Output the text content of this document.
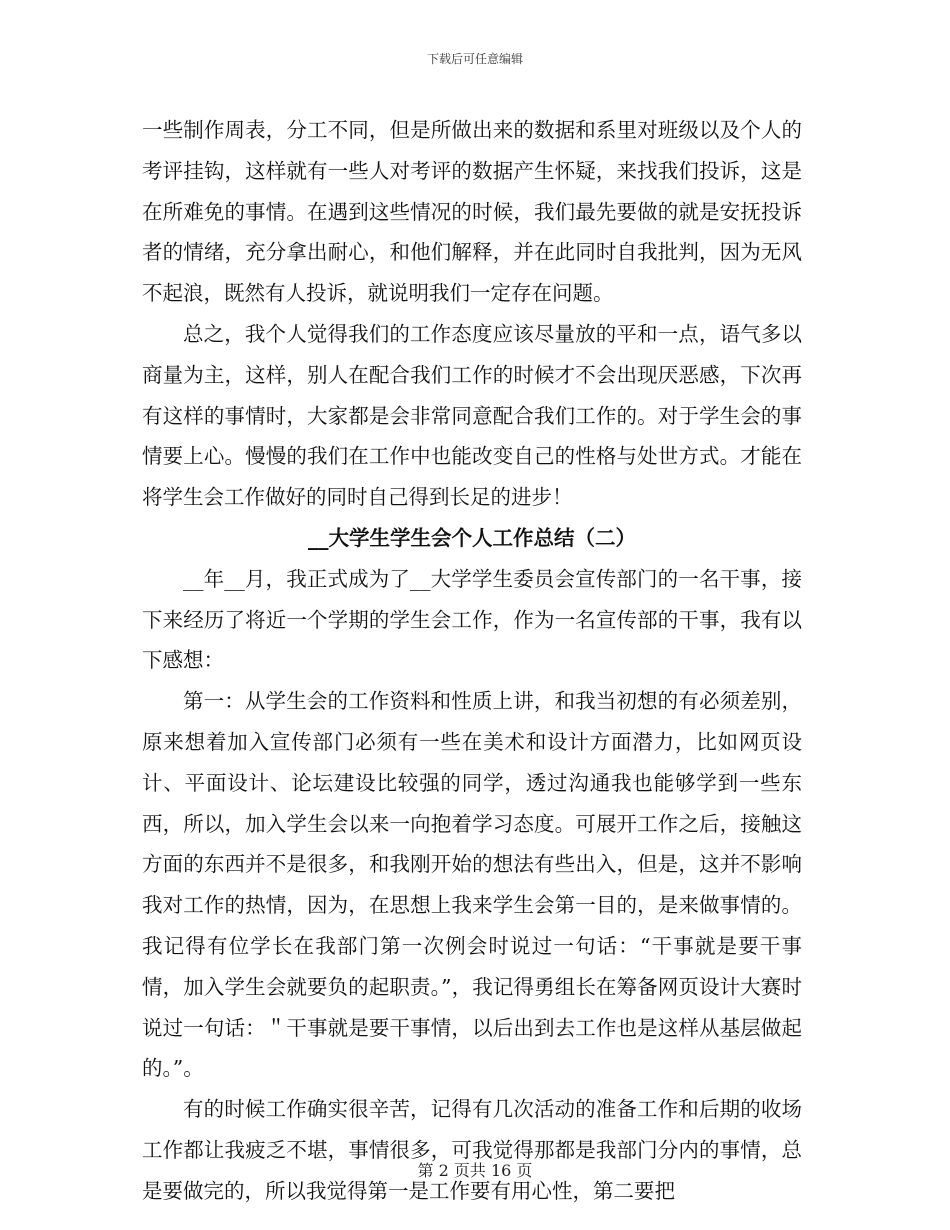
下载后可任意编辑

一些制作周表，分工不同，但是所做出来的数据和系里对班级以及个人的考评挂钩，这样就有一些人对考评的数据产生怀疑，来找我们投诉，这是在所难免的事情。在遇到这些情况的时候，我们最先要做的就是安抚投诉者的情绪，充分拿出耐心，和他们解释，并在此同时自我批判，因为无风不起浪，既然有人投诉，就说明我们一定存在问题。

总之，我个人觉得我们的工作态度应该尽量放的平和一点，语气多以商量为主，这样，别人在配合我们工作的时候才不会出现厌恶感，下次再有这样的事情时，大家都是会非常同意配合我们工作的。对于学生会的事情要上心。慢慢的我们在工作中也能改变自己的性格与处世方式。才能在将学生会工作做好的同时自己得到长足的进步！

__大学生学生会个人工作总结（二）

__年__月，我正式成为了__大学学生委员会宣传部门的一名干事，接下来经历了将近一个学期的学生会工作，作为一名宣传部的干事，我有以下感想：

第一：从学生会的工作资料和性质上讲，和我当初想的有必须差别，原来想着加入宣传部门必须有一些在美术和设计方面潜力，比如网页设计、平面设计、论坛建设比较强的同学，透过沟通我也能够学到一些东西，所以，加入学生会以来一向抱着学习态度。可展开工作之后，接触这方面的东西并不是很多，和我刚开始的想法有些出入，但是，这并不影响我对工作的热情，因为，在思想上我来学生会第一目的，是来做事情的。我记得有位学长在我部门第一次例会时说过一句话：“干事就是要干事情，加入学生会就要负的起职责。”，我记得勇组长在筹备网页设计大赛时说过一句话：＂干事就是要干事情，以后出到去工作也是这样从基层做起的。”。

有的时候工作确实很辛苦，记得有几次活动的准备工作和后期的收场工作都让我疲乏不堪，事情很多，可我觉得那都是我部门分内的事情，总是要做完的，所以我觉得第一是工作要有用心性，第二要把

第 2 页共 16 页
